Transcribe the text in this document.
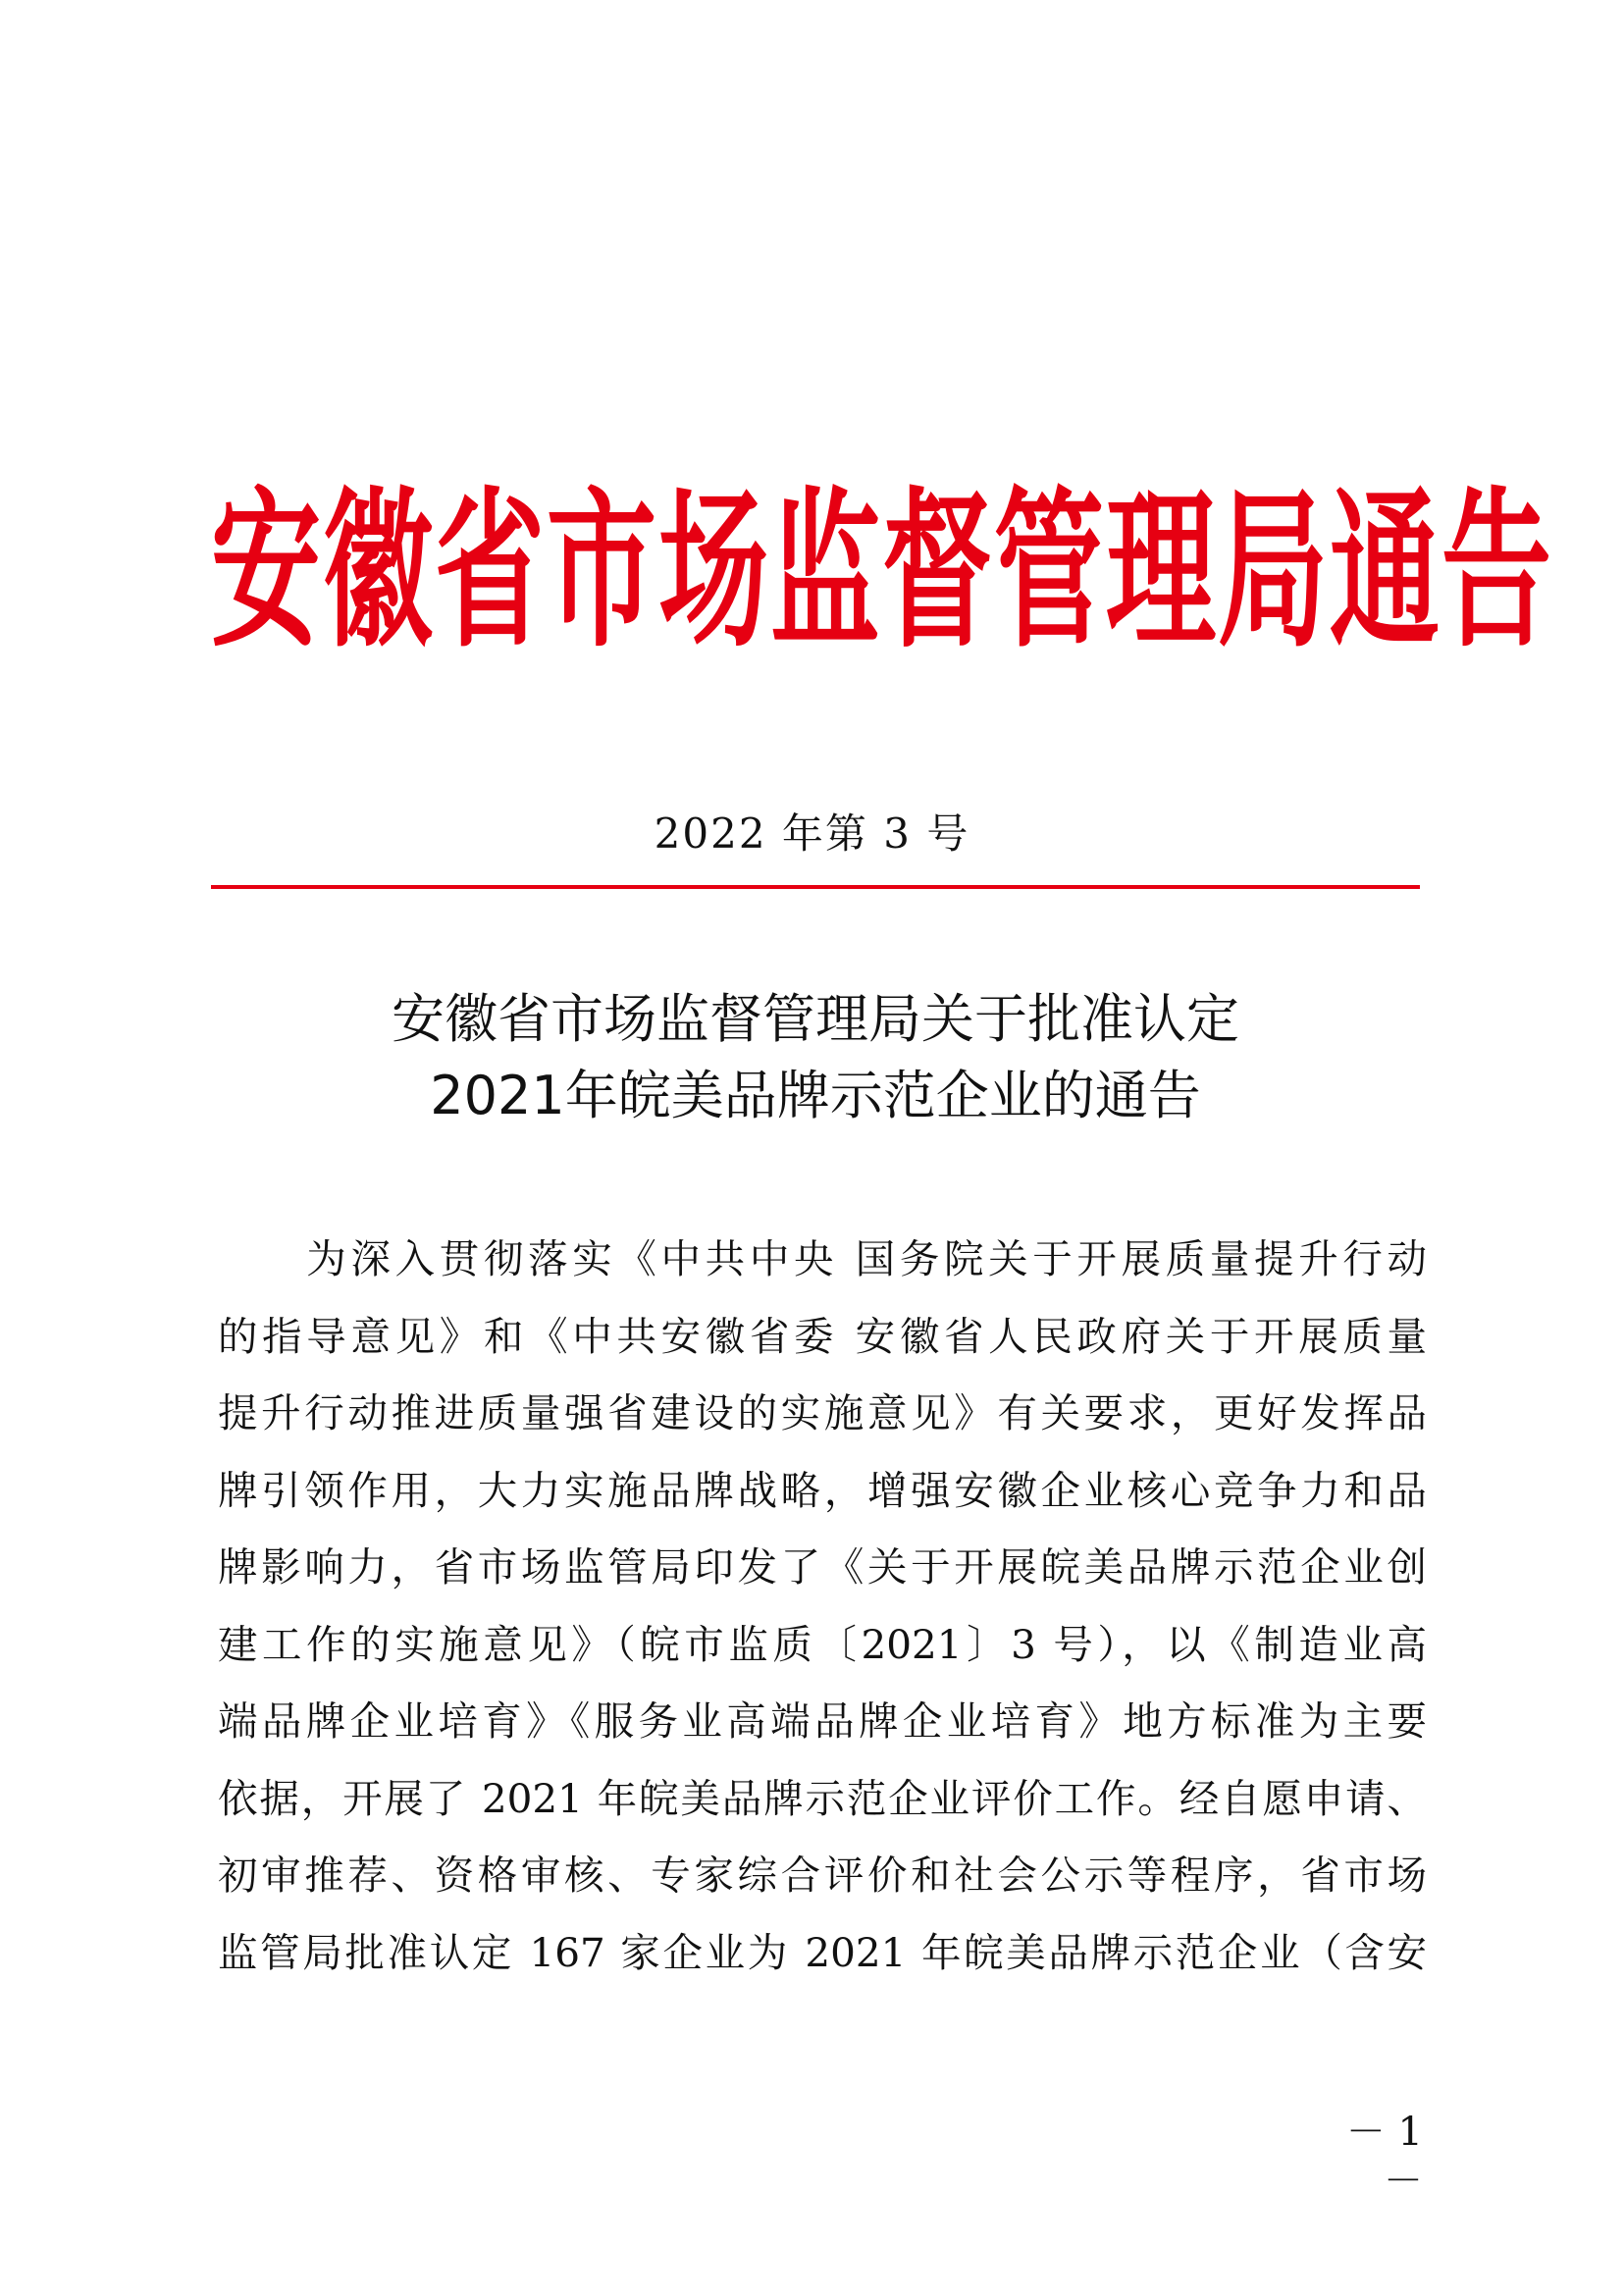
安徽省市场监督管理局通告
2022 年第 3 号
安徽省市场监督管理局关于批准认定
2021年皖美品牌示范企业的通告
　　为深入贯彻落实《中共中央 国务院关于开展质量提升行动
的指导意见》和《中共安徽省委 安徽省人民政府关于开展质量
提升行动推进质量强省建设的实施意见》有关要求，更好发挥品
牌引领作用，大力实施品牌战略，增强安徽企业核心竞争力和品
牌影响力，省市场监管局印发了《关于开展皖美品牌示范企业创
建工作的实施意见》（皖市监质〔2021〕3 号），以《制造业高
端品牌企业培育》《服务业高端品牌企业培育》地方标准为主要
依据，开展了 2021 年皖美品牌示范企业评价工作。经自愿申请、
初审推荐、资格审核、专家综合评价和社会公示等程序，省市场
监管局批准认定 167 家企业为 2021 年皖美品牌示范企业（含安
－ 1 －
